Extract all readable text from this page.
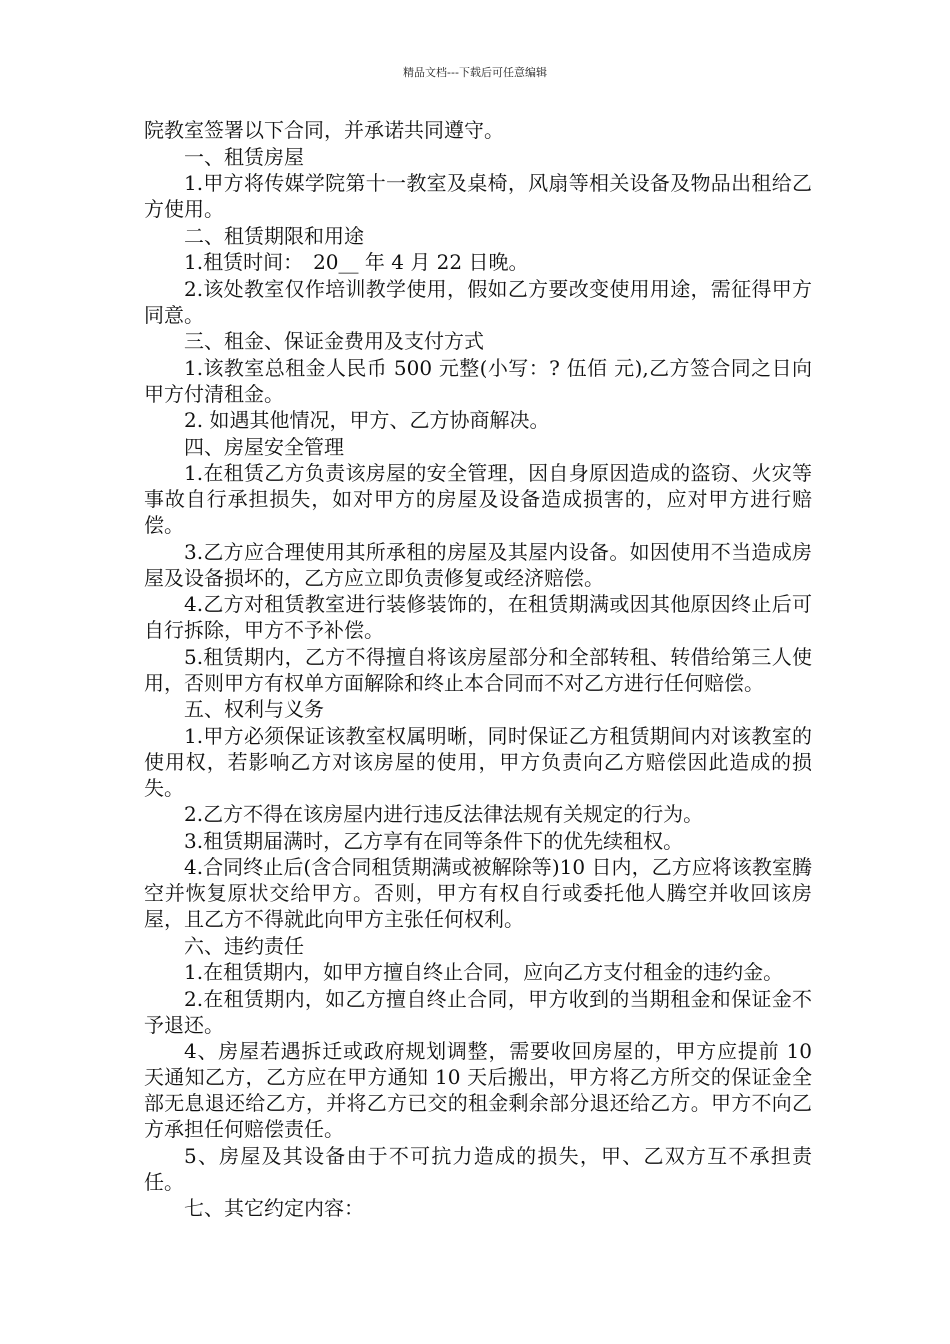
精品文档---下载后可任意编辑

院教室签署以下合同，并承诺共同遵守。

一、租赁房屋

1.甲方将传媒学院第十一教室及桌椅，风扇等相关设备及物品出租给乙方使用。

二、租赁期限和用途

1.租赁时间：　20__ 年 4 月 22 日晚。

2.该处教室仅作培训教学使用，假如乙方要改变使用用途，需征得甲方同意。

三、租金、保证金费用及支付方式

1.该教室总租金人民币 500 元整(小写：? 伍佰 元),乙方签合同之日向甲方付清租金。

2. 如遇其他情况，甲方、乙方协商解决。

四、房屋安全管理

1.在租赁乙方负责该房屋的安全管理，因自身原因造成的盗窃、火灾等事故自行承担损失，如对甲方的房屋及设备造成损害的，应对甲方进行赔偿。

3.乙方应合理使用其所承租的房屋及其屋内设备。如因使用不当造成房屋及设备损坏的，乙方应立即负责修复或经济赔偿。

4.乙方对租赁教室进行装修装饰的，在租赁期满或因其他原因终止后可自行拆除，甲方不予补偿。

5.租赁期内，乙方不得擅自将该房屋部分和全部转租、转借给第三人使用，否则甲方有权单方面解除和终止本合同而不对乙方进行任何赔偿。

五、权利与义务

1.甲方必须保证该教室权属明晰，同时保证乙方租赁期间内对该教室的使用权，若影响乙方对该房屋的使用，甲方负责向乙方赔偿因此造成的损失。

2.乙方不得在该房屋内进行违反法律法规有关规定的行为。

3.租赁期届满时，乙方享有在同等条件下的优先续租权。

4.合同终止后(含合同租赁期满或被解除等)10 日内，乙方应将该教室腾空并恢复原状交给甲方。否则，甲方有权自行或委托他人腾空并收回该房屋，且乙方不得就此向甲方主张任何权利。

六、违约责任

1.在租赁期内，如甲方擅自终止合同，应向乙方支付租金的违约金。

2.在租赁期内，如乙方擅自终止合同，甲方收到的当期租金和保证金不予退还。

4、房屋若遇拆迁或政府规划调整，需要收回房屋的，甲方应提前 10 天通知乙方，乙方应在甲方通知 10 天后搬出，甲方将乙方所交的保证金全部无息退还给乙方，并将乙方已交的租金剩余部分退还给乙方。甲方不向乙方承担任何赔偿责任。

5、房屋及其设备由于不可抗力造成的损失，甲、乙双方互不承担责任。

七、其它约定内容：
